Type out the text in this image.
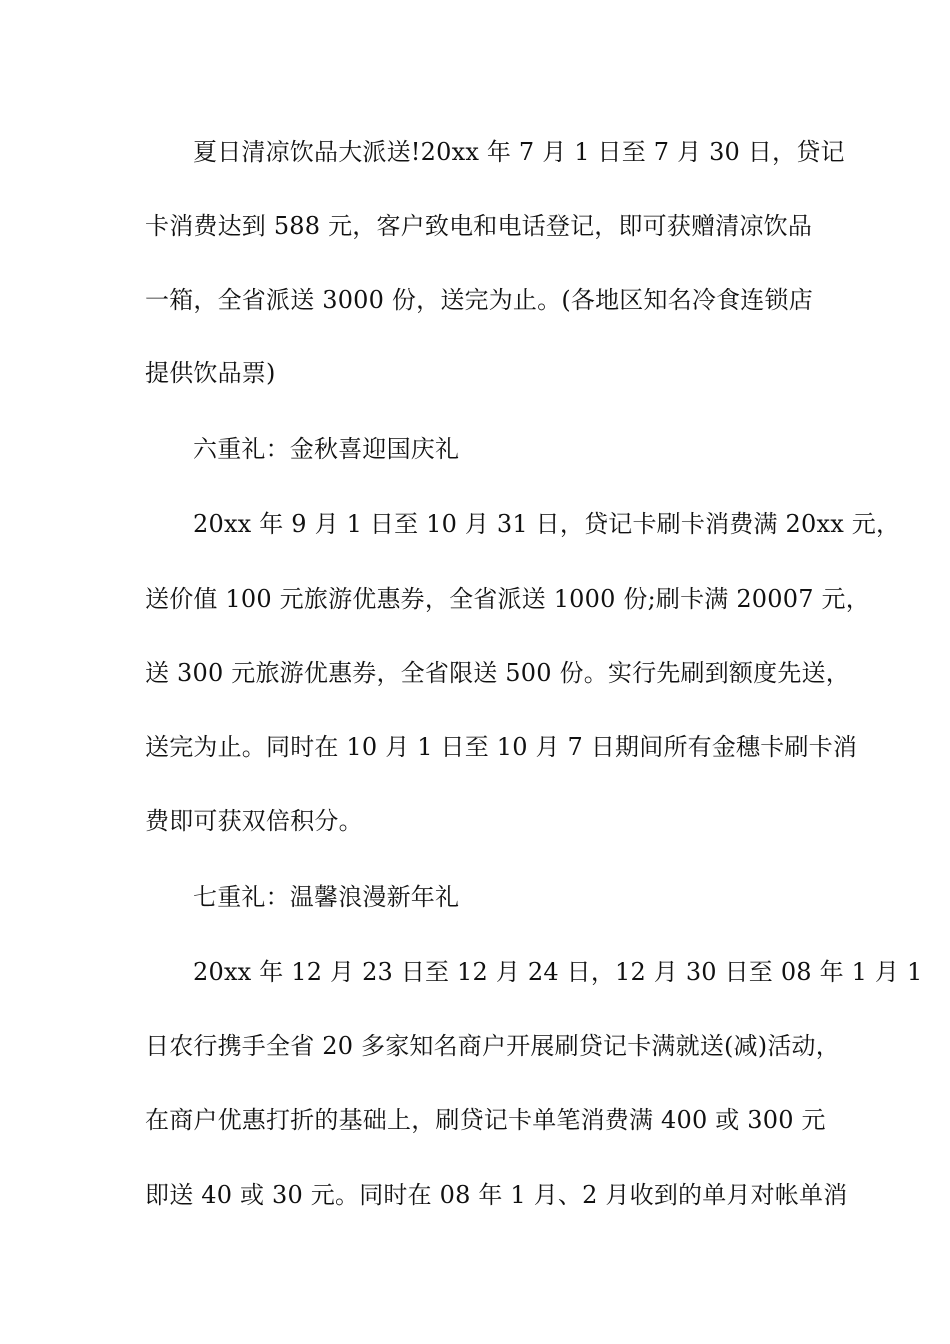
夏日清凉饮品大派送!20xx 年 7 月 1 日至 7 月 30 日，贷记
卡消费达到 588 元，客户致电和电话登记，即可获赠清凉饮品
一箱，全省派送 3000 份，送完为止。(各地区知名冷食连锁店
提供饮品票)
六重礼：金秋喜迎国庆礼
20xx 年 9 月 1 日至 10 月 31 日，贷记卡刷卡消费满 20xx 元，
送价值 100 元旅游优惠券，全省派送 1000 份;刷卡满 20007 元，
送 300 元旅游优惠券，全省限送 500 份。实行先刷到额度先送，
送完为止。同时在 10 月 1 日至 10 月 7 日期间所有金穗卡刷卡消
费即可获双倍积分。
七重礼：温馨浪漫新年礼
20xx 年 12 月 23 日至 12 月 24 日，12 月 30 日至 08 年 1 月 1
日农行携手全省 20 多家知名商户开展刷贷记卡满就送(减)活动，
在商户优惠打折的基础上，刷贷记卡单笔消费满 400 或 300 元
即送 40 或 30 元。同时在 08 年 1 月、2 月收到的单月对帐单消
